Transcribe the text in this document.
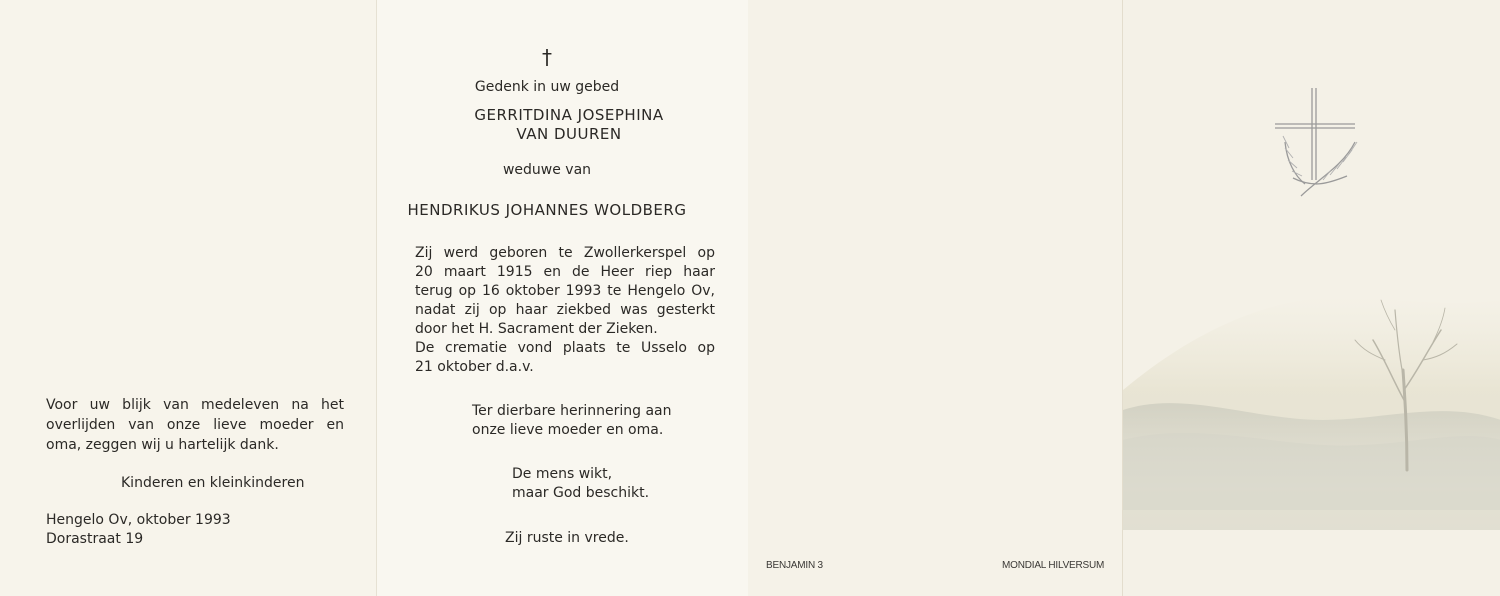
Voor uw blijk van medeleven na het

overlijden van onze lieve moeder en

oma, zeggen wij u hartelijk dank.

Kinderen en kleinkinderen

Hengelo Ov, oktober 1993

Dorastraat 19

†

Gedenk in uw gebed

GERRITDINA JOSEPHINA

VAN DUUREN

weduwe van

HENDRIKUS JOHANNES WOLDBERG

Zij werd geboren te Zwollerkerspel op

20 maart 1915 en de Heer riep haar

terug op 16 oktober 1993 te Hengelo Ov,

nadat zij op haar ziekbed was gesterkt

door het H. Sacrament der Zieken.

De crematie vond plaats te Usselo op

21 oktober d.a.v.

Ter dierbare herinnering aan

onze lieve moeder en oma.

De mens wikt,

maar God beschikt.

Zij ruste in vrede.

BENJAMIN 3	MONDIAL HILVERSUM
